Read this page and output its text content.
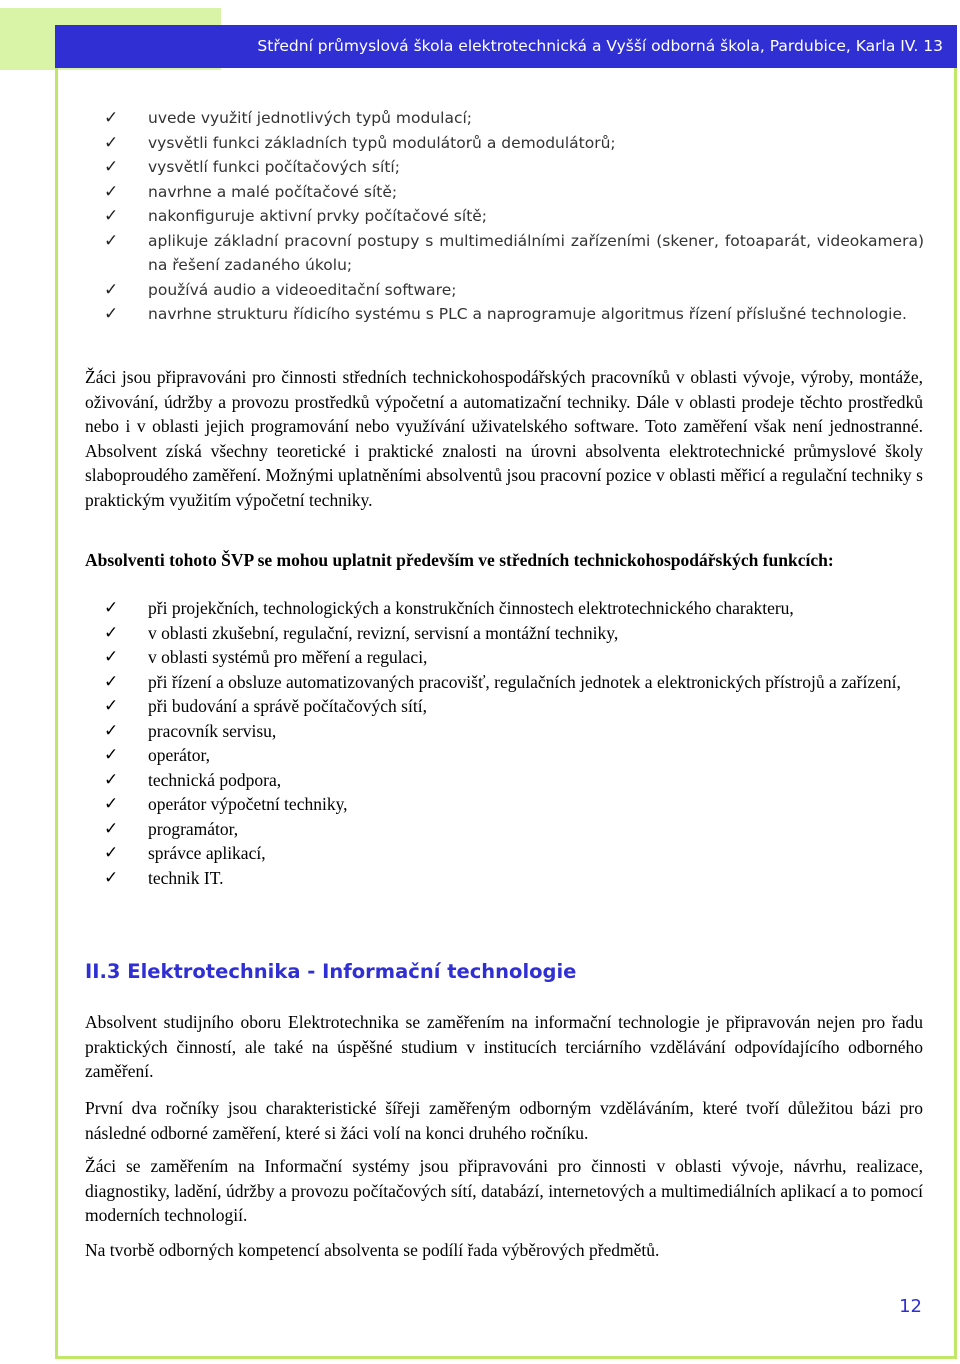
Střední průmyslová škola elektrotechnická a Vyšší odborná škola, Pardubice, Karla IV. 13
✓ uvede využití jednotlivých typů modulací;
✓ vysvětli funkci základních typů modulátorů a demodulátorů;
✓ vysvětlí funkci počítačových sítí;
✓ navrhne a malé počítačové sítě;
✓ nakonfiguruje aktivní prvky počítačové sítě;
✓ aplikuje základní pracovní postupy s multimediálními zařízeními (skener, fotoaparát, videokamera) na řešení zadaného úkolu;
✓ používá audio a videoeditační software;
✓ navrhne strukturu řídicího systému s PLC a naprogramuje algoritmus řízení příslušné technologie.

Žáci jsou připravováni pro činnosti středních technickohospodářských pracovníků v oblasti vývoje, výroby, montáže, oživování, údržby a provozu prostředků výpočetní a automatizační techniky. Dále v oblasti prodeje těchto prostředků nebo i v oblasti jejich programování nebo využívání uživatelského software. Toto zaměření však není jednostranné. Absolvent získá všechny teoretické i praktické znalosti na úrovni absolventa elektrotechnické průmyslové školy slaboproudého zaměření. Možnými uplatněními absolventů jsou pracovní pozice v oblasti měřicí a regulační techniky s praktickým využitím výpočetní techniky.

Absolventi tohoto ŠVP se mohou uplatnit především ve středních technickohospodářských funkcích:

✓ při projekčních, technologických a konstrukčních činnostech elektrotechnického charakteru,
✓ v oblasti zkušební, regulační, revizní, servisní a montážní techniky,
✓ v oblasti systémů pro měření a regulaci,
✓ při řízení a obsluze automatizovaných pracovišť, regulačních jednotek a elektronických přístrojů a zařízení,
✓ při budování a správě počítačových sítí,
✓ pracovník servisu,
✓ operátor,
✓ technická podpora,
✓ operátor výpočetní techniky,
✓ programátor,
✓ správce aplikací,
✓ technik IT.
II.3 Elektrotechnika - Informační technologie

Absolvent studijního oboru Elektrotechnika se zaměřením na informační technologie je připravován nejen pro řadu praktických činností, ale také na úspěšné studium v institucích terciárního vzdělávání odpovídajícího odborného zaměření.

První dva ročníky jsou charakteristické šířeji zaměřeným odborným vzděláváním, které tvoří důležitou bázi pro následné odborné zaměření, které si žáci volí na konci druhého ročníku.

Žáci se zaměřením na Informační systémy jsou připravováni pro činnosti v oblasti vývoje, návrhu, realizace, diagnostiky, ladění, údržby a provozu počítačových sítí, databází, internetových a multimediálních aplikací a to pomocí moderních technologií.

Na tvorbě odborných kompetencí absolventa se podílí řada výběrových předmětů.

12
